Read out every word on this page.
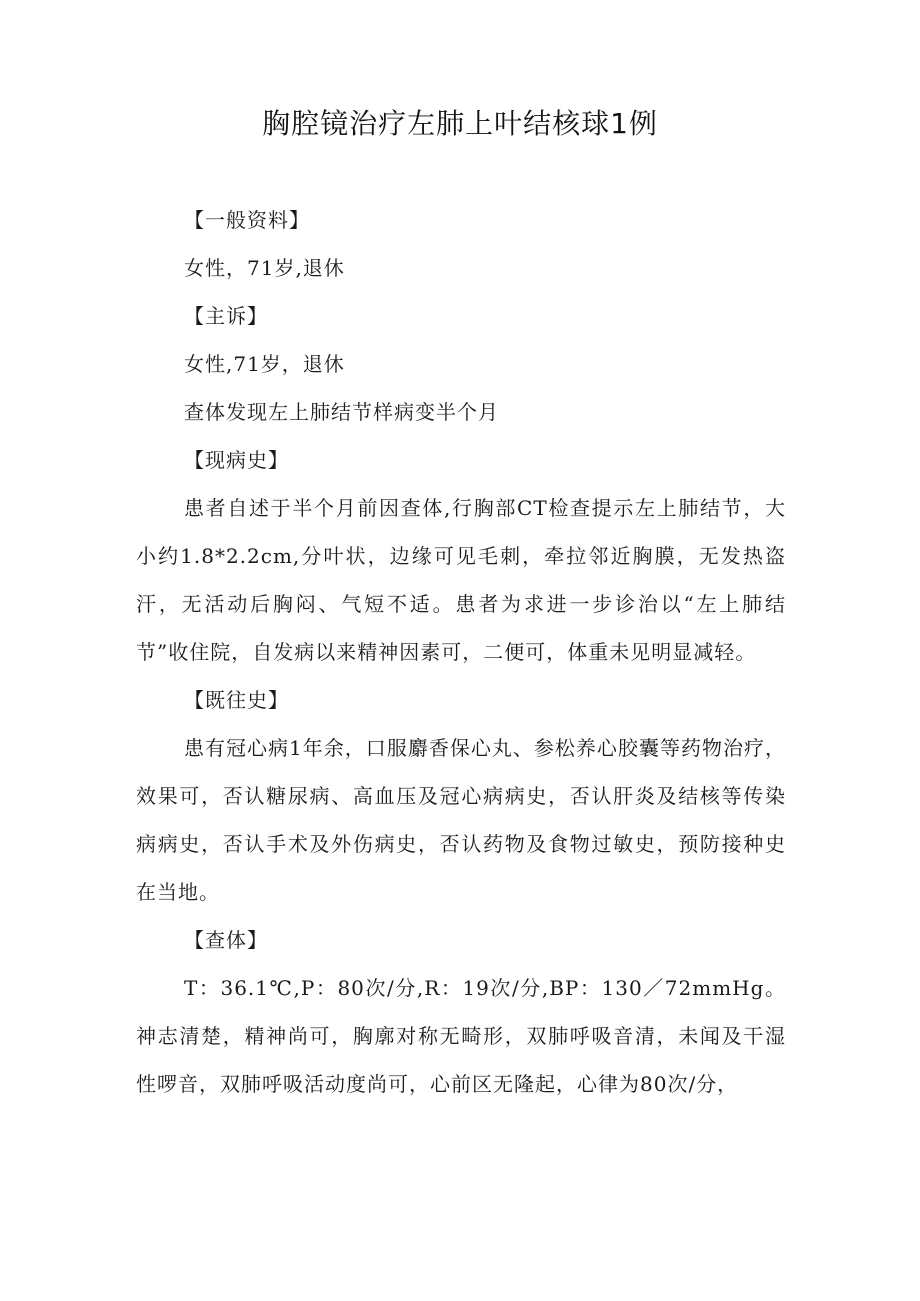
胸腔镜治疗左肺上叶结核球1例

【一般资料】

女性，71岁,退休

【主诉】

女性,71岁，退休

查体发现左上肺结节样病变半个月

【现病史】

患者自述于半个月前因查体,行胸部CT检查提示左上肺结节，大小约1.8*2.2cm,分叶状，边缘可见毛刺，牵拉邻近胸膜，无发热盗汗，无活动后胸闷、气短不适。患者为求进一步诊治以“左上肺结节”收住院，自发病以来精神因素可，二便可，体重未见明显减轻。

【既往史】

患有冠心病1年余，口服麝香保心丸、参松养心胶囊等药物治疗，效果可，否认糖尿病、高血压及冠心病病史，否认肝炎及结核等传染病病史，否认手术及外伤病史，否认药物及食物过敏史，预防接种史在当地。

【查体】

T：36.1℃,P：80次/分,R：19次/分,BP：130／72mmHg。神志清楚，精神尚可，胸廓对称无畸形，双肺呼吸音清，未闻及干湿性啰音，双肺呼吸活动度尚可，心前区无隆起，心律为80次/分，
